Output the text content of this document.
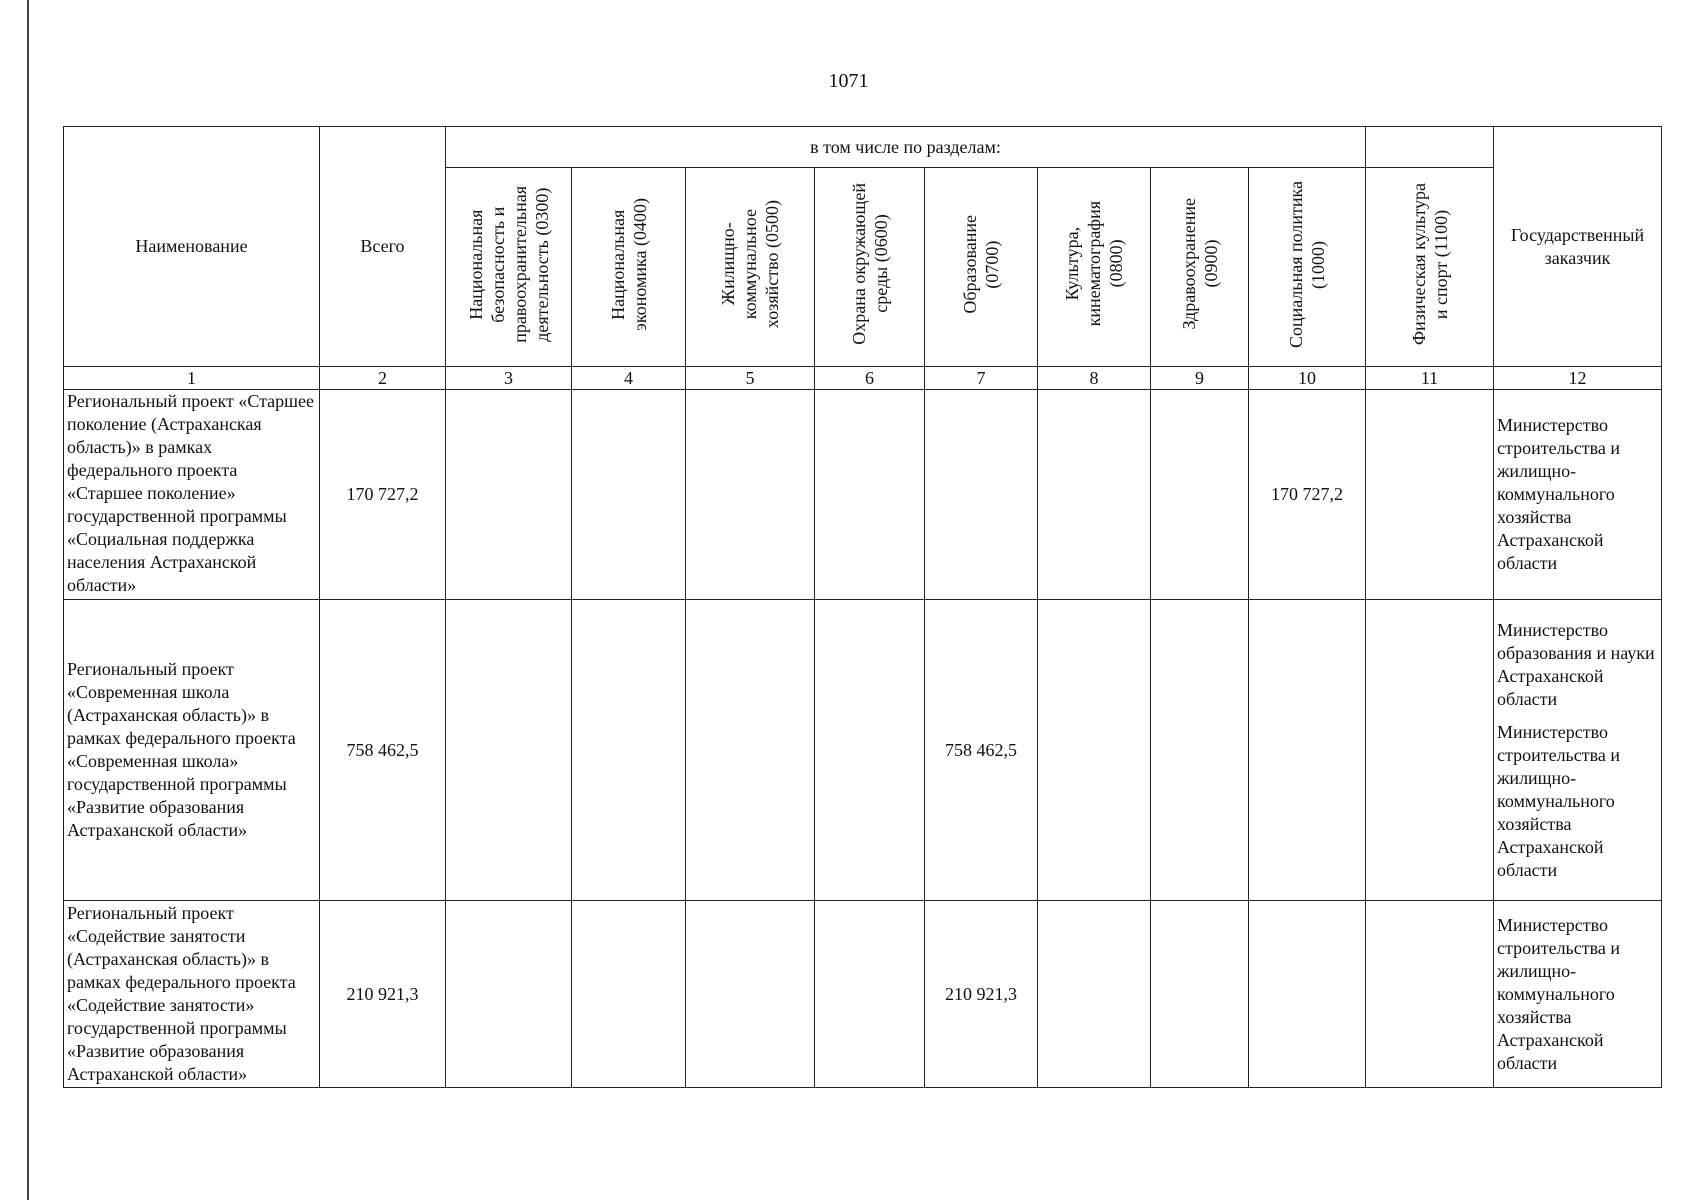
1071
Наименование	Всего	в том числе по разделам:									Государственный заказчик
		Национальная
безопасность и
правоохранительная
деятельность (0300)	Национальная
экономика (0400)	Жилищно-
коммунальное
хозяйство (0500)	Охрана окружающей
среды (0600)	Образование
(0700)	Культура,
кинематография
(0800)	Здравоохранение
(0900)	Социальная политика
(1000)	Физическая культура
и спорт (1100)	
1	2	3	4	5	6	7	8	9	10	11	12
Региональный проект «Старшее поколение (Астраханская область)» в рамках федерального проекта «Старшее поколение» государственной программы «Социальная поддержка населения Астраханской области»	170 727,2								170 727,2		Министерство строительства и жилищно-коммунального хозяйства Астраханской области

Региональный проект «Современная школа (Астраханская область)» в рамках федерального проекта «Современная школа» государственной программы «Развитие образования Астраханской области»	758 462,5					758 462,5					Министерство образования и науки Астраханской области
Министерство строительства и жилищно-коммунального хозяйства Астраханской области

Региональный проект «Содействие занятости (Астраханская область)» в рамках федерального проекта «Содействие занятости» государственной программы «Развитие образования Астраханской области»	210 921,3					210 921,3					Министерство строительства и жилищно-коммунального хозяйства Астраханской области
